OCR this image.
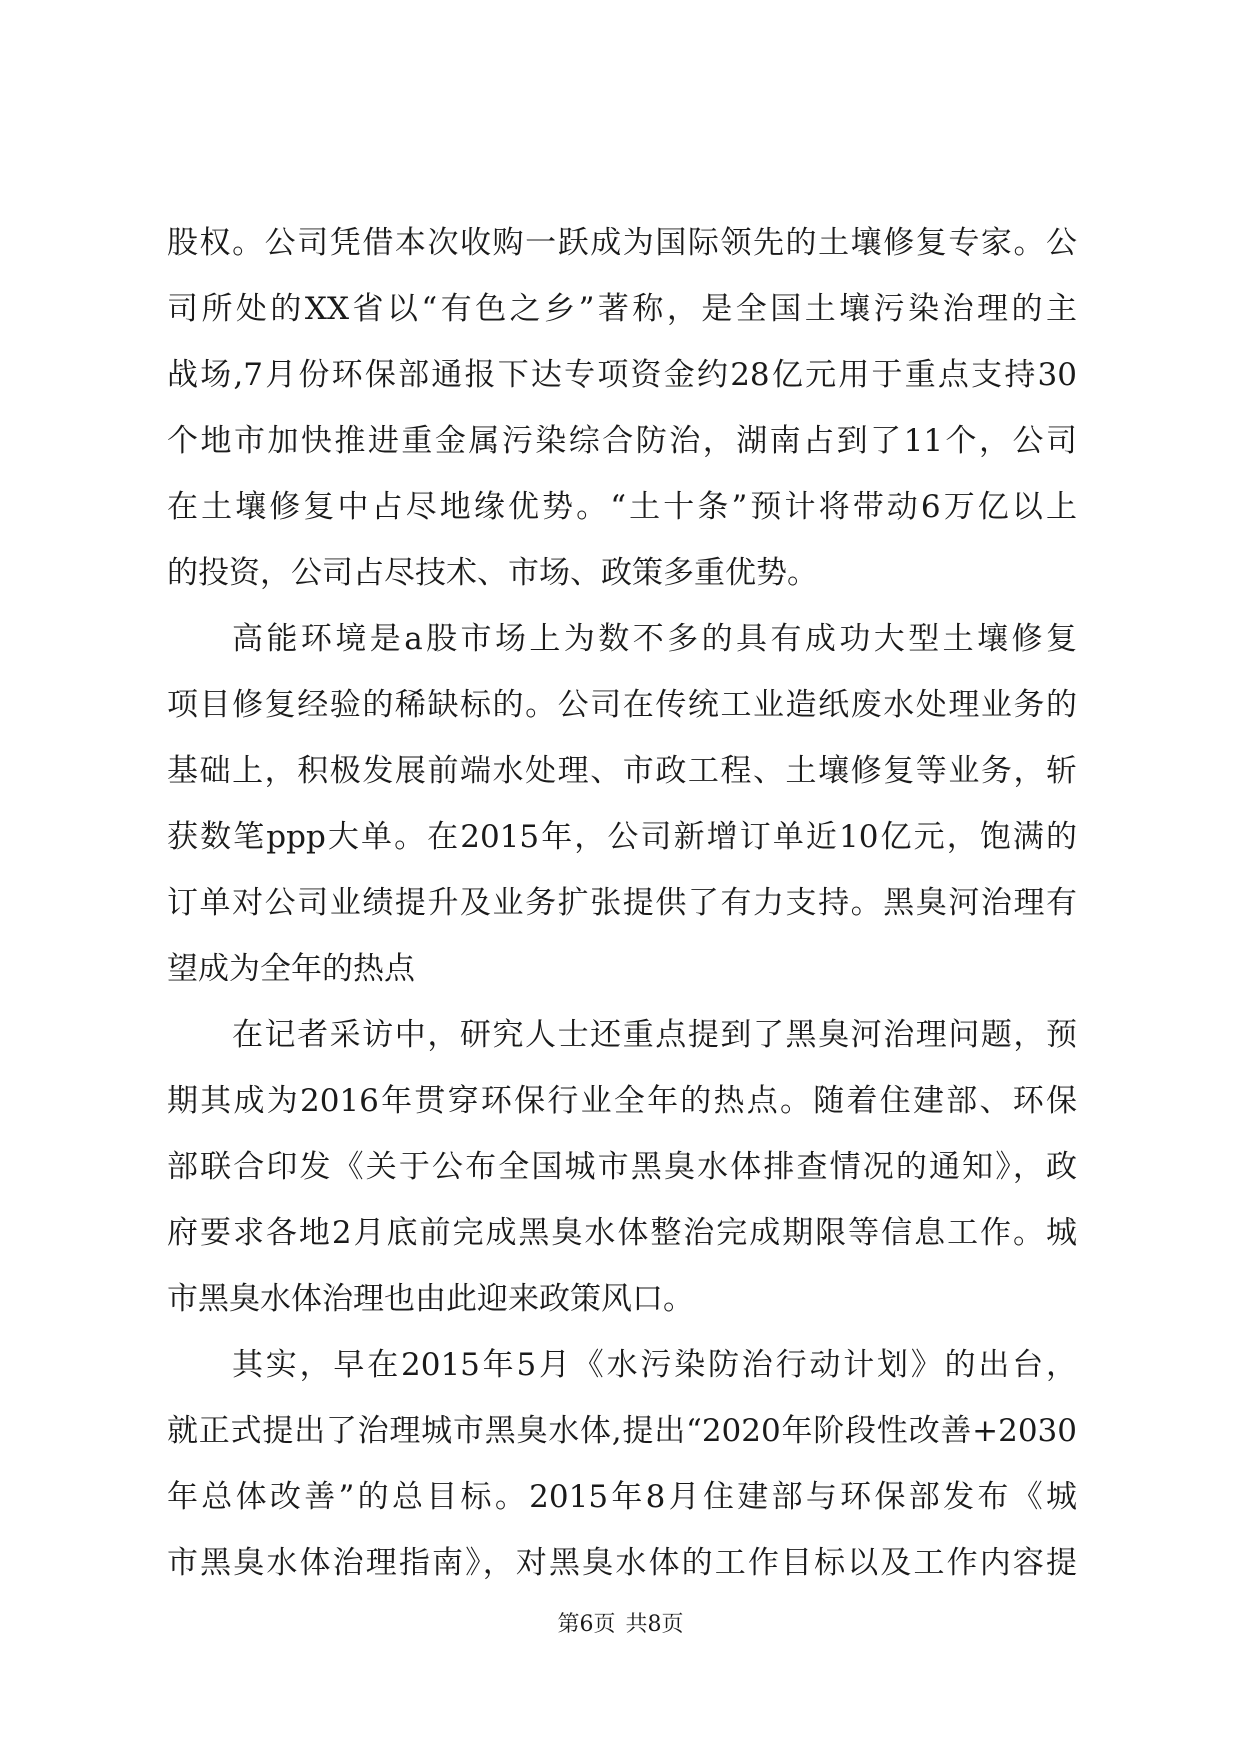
股权。公司凭借本次收购一跃成为国际领先的土壤修复专家。公
司所处的XX省以“有色之乡”著称，是全国土壤污染治理的主
战场,7月份环保部通报下达专项资金约28亿元用于重点支持30
个地市加快推进重金属污染综合防治，湖南占到了11个，公司
在土壤修复中占尽地缘优势。“土十条”预计将带动6万亿以上
的投资，公司占尽技术、市场、政策多重优势。
高能环境是a股市场上为数不多的具有成功大型土壤修复
项目修复经验的稀缺标的。公司在传统工业造纸废水处理业务的
基础上，积极发展前端水处理、市政工程、土壤修复等业务，斩
获数笔ppp大单。在2015年，公司新增订单近10亿元，饱满的
订单对公司业绩提升及业务扩张提供了有力支持。黑臭河治理有
望成为全年的热点
在记者采访中，研究人士还重点提到了黑臭河治理问题，预
期其成为2016年贯穿环保行业全年的热点。随着住建部、环保
部联合印发《关于公布全国城市黑臭水体排查情况的通知》，政
府要求各地2月底前完成黑臭水体整治完成期限等信息工作。城
市黑臭水体治理也由此迎来政策风口。
其实，早在2015年5月《水污染防治行动计划》的出台，
就正式提出了治理城市黑臭水体,提出“2020年阶段性改善+2030
年总体改善”的总目标。2015年8月住建部与环保部发布《城
市黑臭水体治理指南》，对黑臭水体的工作目标以及工作内容提
第6页 共8页
